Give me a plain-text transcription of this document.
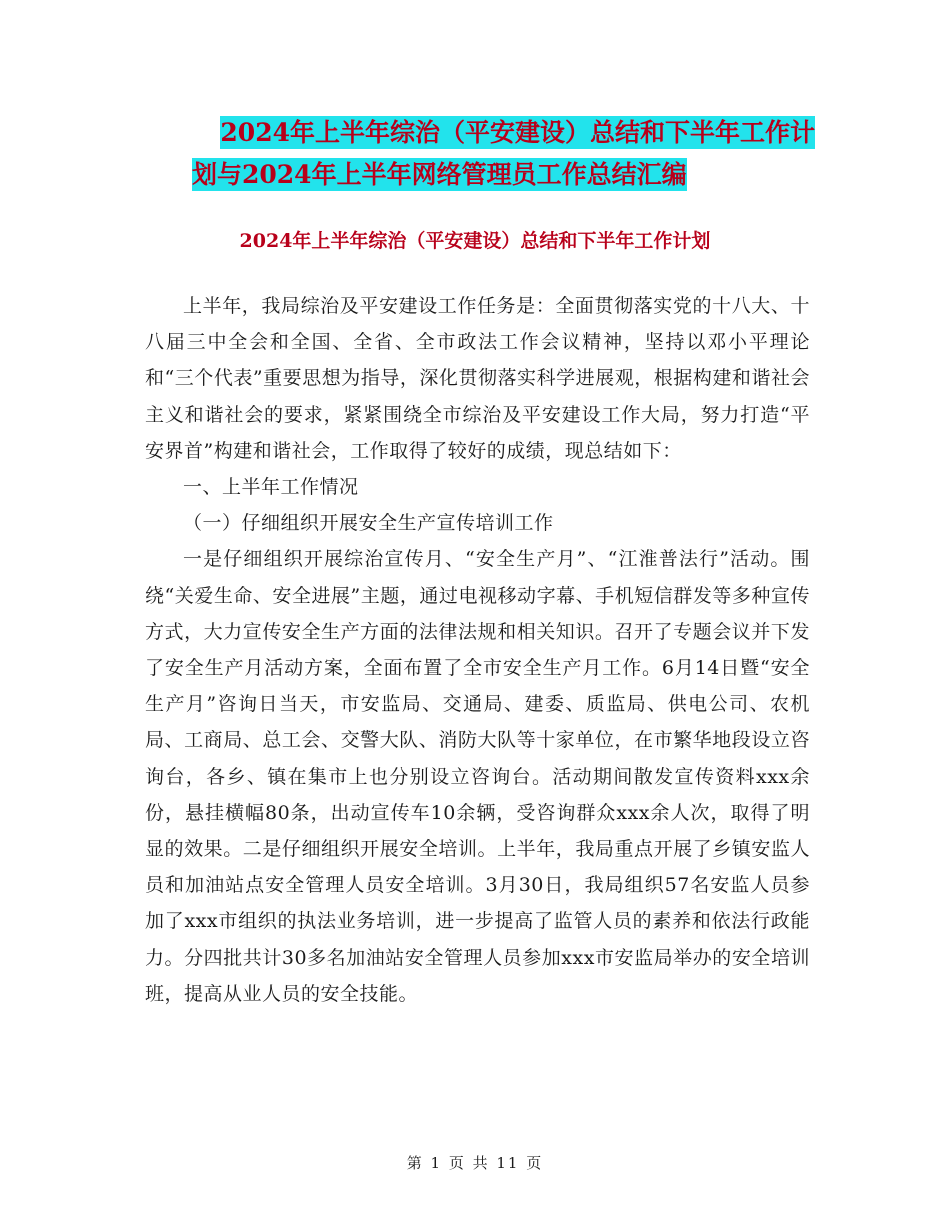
2024年上半年综治（平安建设）总结和下半年工作计
划与2024年上半年网络管理员工作总结汇编
2024年上半年综治（平安建设）总结和下半年工作计划

上半年，我局综治及平安建设工作任务是：全面贯彻落实党的十八大、十八届三中全会和全国、全省、全市政法工作会议精神，坚持以邓小平理论和“三个代表”重要思想为指导，深化贯彻落实科学进展观，根据构建和谐社会主义和谐社会的要求，紧紧围绕全市综治及平安建设工作大局，努力打造“平安界首”构建和谐社会，工作取得了较好的成绩，现总结如下：

一、上半年工作情况

（一）仔细组织开展安全生产宣传培训工作

一是仔细组织开展综治宣传月、“安全生产月”、“江淮普法行”活动。围绕“关爱生命、安全进展”主题，通过电视移动字幕、手机短信群发等多种宣传方式，大力宣传安全生产方面的法律法规和相关知识。召开了专题会议并下发了安全生产月活动方案，全面布置了全市安全生产月工作。6月14日暨“安全生产月”咨询日当天，市安监局、交通局、建委、质监局、供电公司、农机局、工商局、总工会、交警大队、消防大队等十家单位，在市繁华地段设立咨询台，各乡、镇在集市上也分别设立咨询台。活动期间散发宣传资料xxx余份，悬挂横幅80条，出动宣传车10余辆，受咨询群众xxx余人次，取得了明显的效果。二是仔细组织开展安全培训。上半年，我局重点开展了乡镇安监人员和加油站点安全管理人员安全培训。3月30日，我局组织57名安监人员参加了xxx市组织的执法业务培训，进一步提高了监管人员的素养和依法行政能力。分四批共计30多名加油站安全管理人员参加xxx市安监局举办的安全培训班，提高从业人员的安全技能。

第 1 页 共 11 页
